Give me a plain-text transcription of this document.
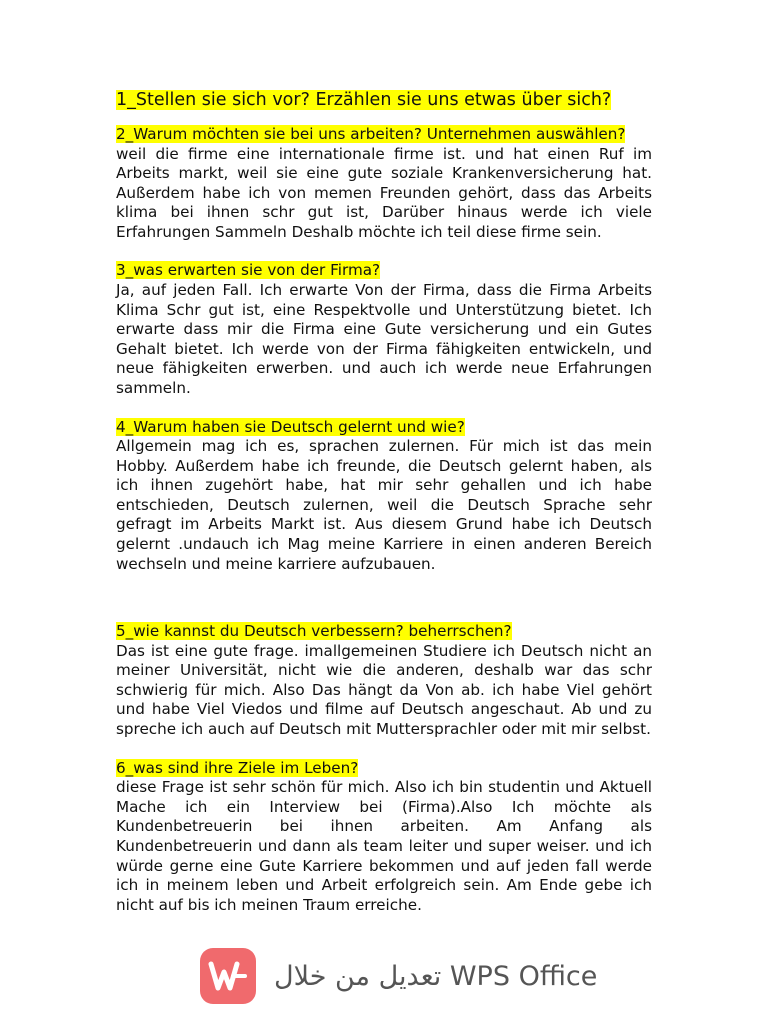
1_Stellen sie sich vor? Erzählen sie uns etwas über sich?

2_Warum möchten sie bei uns arbeiten? Unternehmen auswählen?

weil die firme eine internationale firme ist. und hat einen Ruf im Arbeits markt, weil sie eine gute soziale Krankenversicherung hat. Außerdem habe ich von memen Freunden gehört, dass das Arbeits klima bei ihnen schr gut ist, Darüber hinaus werde ich viele Erfahrungen Sammeln Deshalb möchte ich teil diese firme sein.

3_was erwarten sie von der Firma?

Ja, auf jeden Fall. Ich erwarte Von der Firma, dass die Firma Arbeits Klima Schr gut ist, eine Respektvolle und Unterstützung bietet. Ich erwarte dass mir die Firma eine Gute versicherung und ein Gutes Gehalt bietet. Ich werde von der Firma fähigkeiten entwickeln, und neue fähigkeiten erwerben. und auch ich werde neue Erfahrungen sammeln.

4_Warum haben sie Deutsch gelernt und wie?

Allgemein mag ich es, sprachen zulernen. Für mich ist das mein Hobby. Außerdem habe ich freunde, die Deutsch gelernt haben, als ich ihnen zugehört habe, hat mir sehr gehallen und ich habe entschieden, Deutsch zulernen, weil die Deutsch Sprache sehr gefragt im Arbeits Markt ist. Aus diesem Grund habe ich Deutsch gelernt .undauch ich Mag meine Karriere in einen anderen Bereich wechseln und meine karriere aufzubauen.

5_wie kannst du Deutsch verbessern? beherrschen?

Das ist eine gute frage. imallgemeinen Studiere ich Deutsch nicht an meiner Universität, nicht wie die anderen, deshalb war das schr schwierig für mich. Also Das hängt da Von ab. ich habe Viel gehört und habe Viel Viedos und filme auf Deutsch angeschaut. Ab und zu spreche ich auch auf Deutsch mit Muttersprachler oder mit mir selbst.

6_was sind ihre Ziele im Leben?

diese Frage ist sehr schön für mich. Also ich bin studentin und Aktuell Mache ich ein Interview bei (Firma).Also Ich möchte als Kundenbetreuerin bei ihnen arbeiten. Am Anfang als Kundenbetreuerin und dann als team leiter und super weiser. und ich würde gerne eine Gute Karriere bekommen und auf jeden fall werde ich in meinem leben und Arbeit erfolgreich sein. Am Ende gebe ich nicht auf bis ich meinen Traum erreiche.

تعديل من خلال WPS Office
